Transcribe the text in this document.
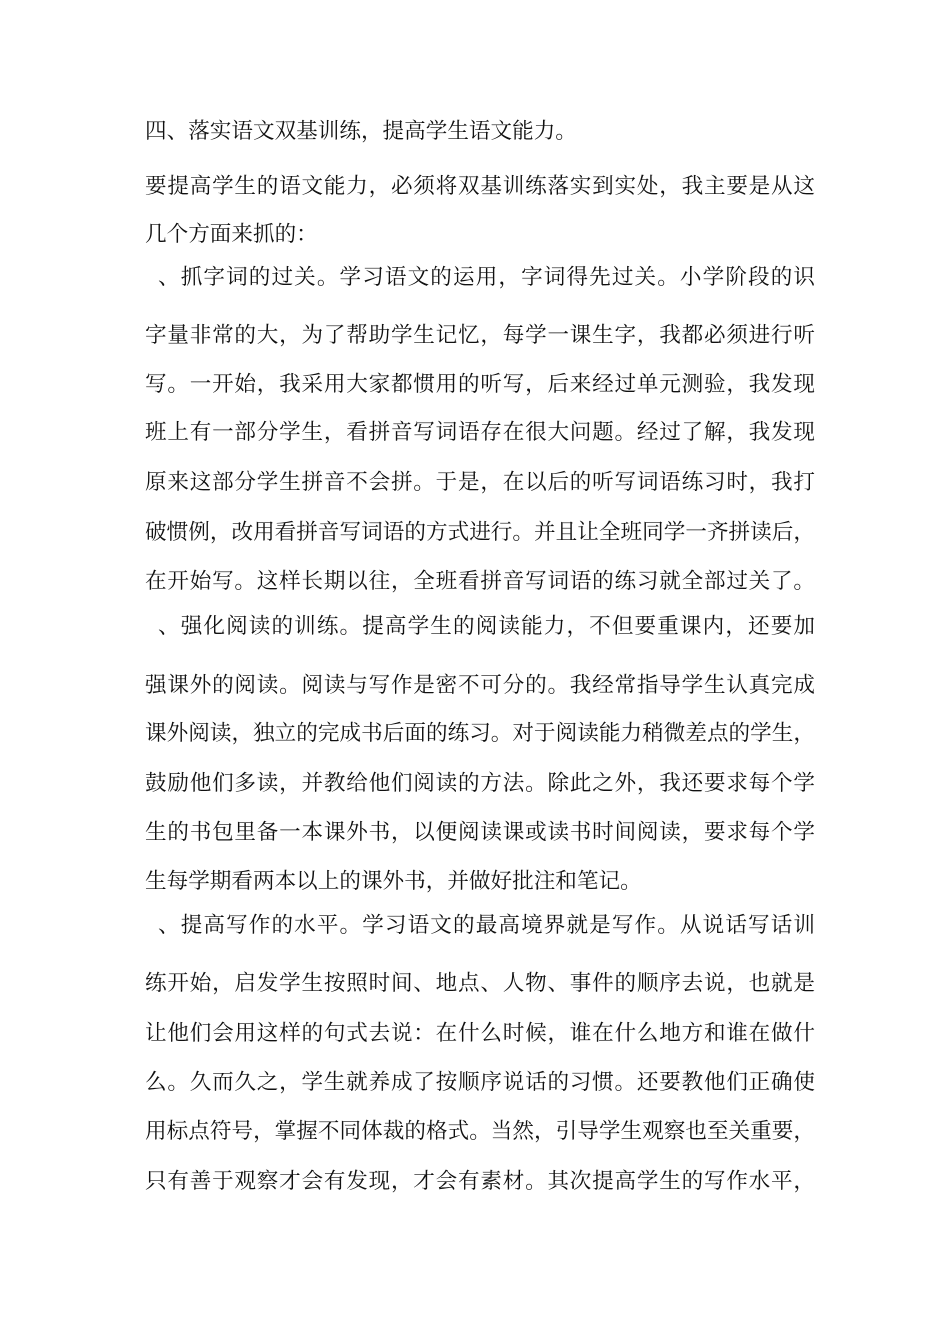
四、落实语文双基训练，提高学生语文能力。
要提高学生的语文能力，必须将双基训练落实到实处，我主要是从这
几个方面来抓的：
、抓字词的过关。学习语文的运用，字词得先过关。小学阶段的识
字量非常的大，为了帮助学生记忆，每学一课生字，我都必须进行听
写。一开始，我采用大家都惯用的听写，后来经过单元测验，我发现
班上有一部分学生，看拼音写词语存在很大问题。经过了解，我发现
原来这部分学生拼音不会拼。于是，在以后的听写词语练习时，我打
破惯例，改用看拼音写词语的方式进行。并且让全班同学一齐拼读后，
在开始写。这样长期以往，全班看拼音写词语的练习就全部过关了。
、强化阅读的训练。提高学生的阅读能力，不但要重课内，还要加
强课外的阅读。阅读与写作是密不可分的。我经常指导学生认真完成
课外阅读，独立的完成书后面的练习。对于阅读能力稍微差点的学生，
鼓励他们多读，并教给他们阅读的方法。除此之外，我还要求每个学
生的书包里备一本课外书，以便阅读课或读书时间阅读，要求每个学
生每学期看两本以上的课外书，并做好批注和笔记。
、提高写作的水平。学习语文的最高境界就是写作。从说话写话训
练开始，启发学生按照时间、地点、人物、事件的顺序去说，也就是
让他们会用这样的句式去说：在什么时候，谁在什么地方和谁在做什
么。久而久之，学生就养成了按顺序说话的习惯。还要教他们正确使
用标点符号，掌握不同体裁的格式。当然，引导学生观察也至关重要，
只有善于观察才会有发现，才会有素材。其次提高学生的写作水平，
